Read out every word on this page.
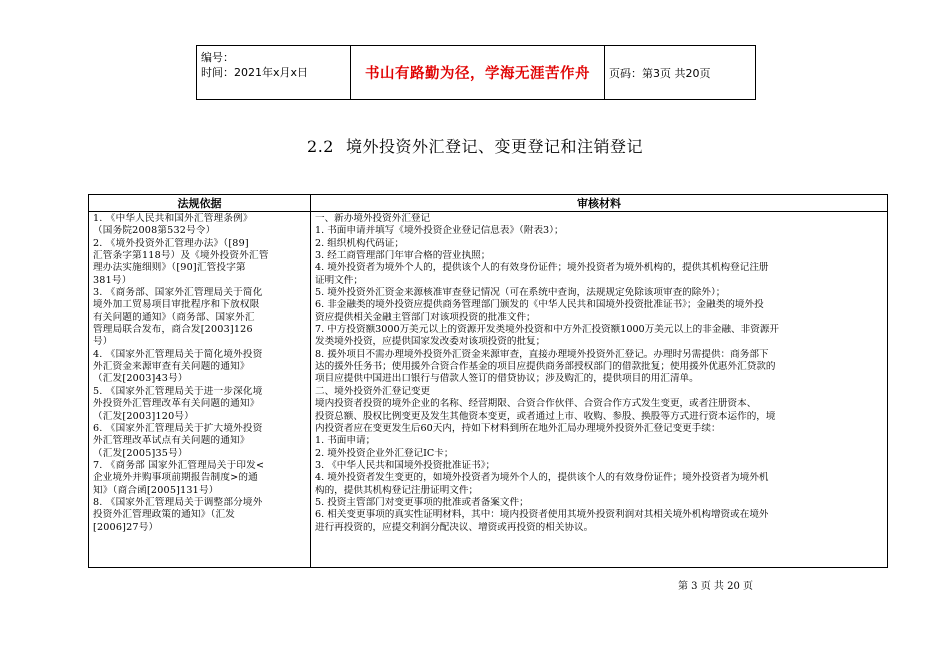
编号：
时间：2021年x月x日	书山有路勤为径，学海无涯苦作舟 页码：第3页 共20页
2.2 境外投资外汇登记、变更登记和注销登记
法规依据	审核材料
1. 《中华人民共和国外汇管理条例》
（国务院2008第532号令）
2. 《境外投资外汇管理办法》（[89]
汇管条字第118号）及《境外投资外汇管
理办法实施细则》（[90]汇管投字第
381号）
3. 《商务部、国家外汇管理局关于简化
境外加工贸易项目审批程序和下放权限
有关问题的通知》（商务部、国家外汇
管理局联合发布，商合发[2003]126
号）
4. 《国家外汇管理局关于简化境外投资
外汇资金来源审查有关问题的通知》
（汇发[2003]43号）
5. 《国家外汇管理局关于进一步深化境
外投资外汇管理改革有关问题的通知》
（汇发[2003]120号）
6. 《国家外汇管理局关于扩大境外投资
外汇管理改革试点有关问题的通知》
（汇发[2005]35号）
7. 《商务部 国家外汇管理局关于印发<
企业境外并购事项前期报告制度>的通
知》（商合函[2005]131号）
8. 《国家外汇管理局关于调整部分境外
投资外汇管理政策的通知》（汇发
[2006]27号）
一、新办境外投资外汇登记
1. 书面申请并填写《境外投资企业登记信息表》（附表3）；
2. 组织机构代码证；
3. 经工商管理部门年审合格的营业执照；
4. 境外投资者为境外个人的，提供该个人的有效身份证件；境外投资者为境外机构的，提供其机构登记注册
证明文件；
5. 境外投资外汇资金来源核准审查登记情况（可在系统中查询，法规规定免除该项审查的除外）；
6. 非金融类的境外投资应提供商务管理部门颁发的《中华人民共和国境外投资批准证书》；金融类的境外投
资应提供相关金融主管部门对该项投资的批准文件；
7. 中方投资额3000万美元以上的资源开发类境外投资和中方外汇投资额1000万美元以上的非金融、非资源开
发类境外投资，应提供国家发改委对该项投资的批复；
8. 援外项目不需办理境外投资外汇资金来源审查，直接办理境外投资外汇登记。办理时另需提供：商务部下
达的援外任务书；使用援外合资合作基金的项目应提供商务部授权部门的借款批复；使用援外优惠外汇贷款的
项目应提供中国进出口银行与借款人签订的借贷协议；涉及购汇的，提供项目的用汇清单。
二、境外投资外汇登记变更
境内投资者投资的境外企业的名称、经营期限、合资合作伙伴、合资合作方式发生变更，或者注册资本、
投资总额、股权比例变更及发生其他资本变更，或者通过上市、收购、参股、换股等方式进行资本运作的，境
内投资者应在变更发生后60天内，持如下材料到所在地外汇局办理境外投资外汇登记变更手续：
1. 书面申请；
2. 境外投资企业外汇登记IC卡；
3. 《中华人民共和国境外投资批准证书》；
4. 境外投资者发生变更的，如境外投资者为境外个人的，提供该个人的有效身份证件；境外投资者为境外机
构的，提供其机构登记注册证明文件；
5. 投资主管部门对变更事项的批准或者备案文件；
6. 相关变更事项的真实性证明材料，其中：境内投资者使用其境外投资利润对其相关境外机构增资或在境外
进行再投资的，应提交利润分配决议、增资或再投资的相关协议。
第 3 页 共 20 页
